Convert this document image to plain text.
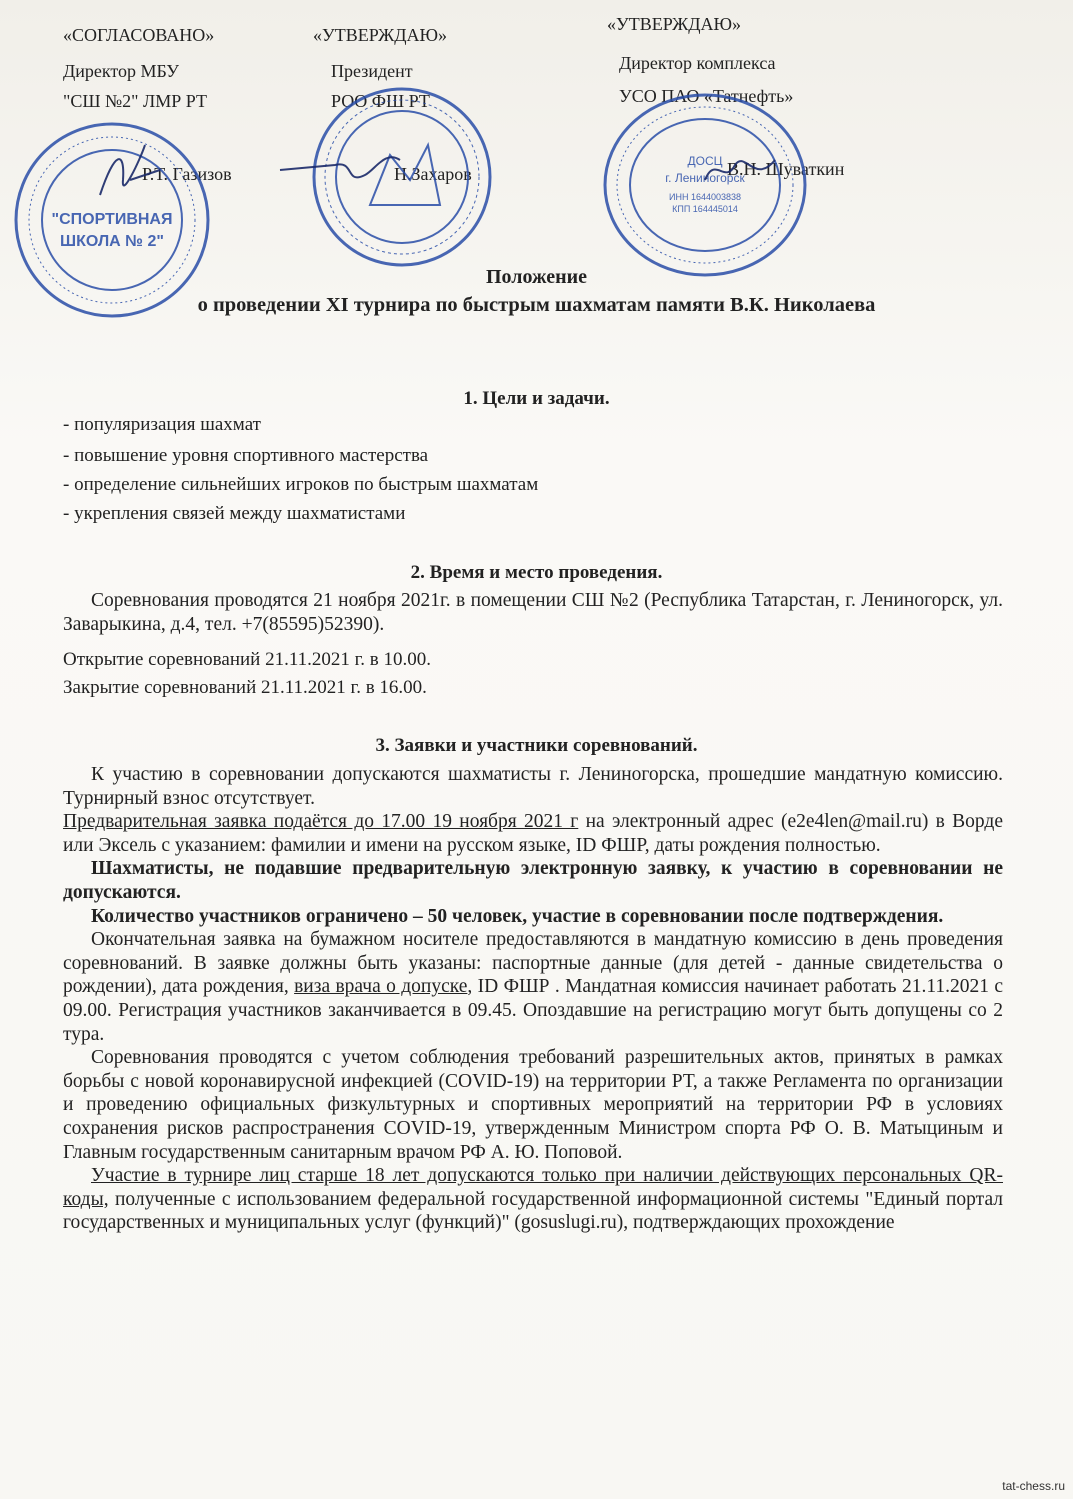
«СОГЛАСОВАНО»
Директор МБУ
"СШ №2" ЛМР РТ
Р.Т. Газизов
«УТВЕРЖДАЮ»
Президент
РОО ФШ РТ
Н.Захаров
«УТВЕРЖДАЮ»
Директор комплекса
УСО ПАО «Татнефть»
В.Н. Шуваткин
"СПОРТИВНАЯ
ШКОЛА № 2"
ДОСЦ
г. Лениногорск
ИНН 1644003838
КПП 164445014
Положение
о проведении XI турнира по быстрым шахматам памяти В.К. Николаева
1. Цели и задачи.
- популяризация шахмат
- повышение уровня спортивного мастерства
- определение сильнейших игроков по быстрым шахматам
- укрепления связей между шахматистами
2. Время и место проведения.
Соревнования проводятся 21 ноября 2021г. в помещении СШ №2 (Республика Татарстан, г. Лениногорск, ул. Заварыкина, д.4, тел. +7(85595)52390).
Открытие соревнований 21.11.2021 г. в 10.00.
Закрытие соревнований 21.11.2021 г. в 16.00.
3. Заявки и участники соревнований.

К участию в соревновании допускаются шахматисты г. Лениногорска, прошедшие мандатную комиссию. Турнирный взнос отсутствует.

Предварительная заявка подаётся до 17.00 19 ноября 2021 г на электронный адрес (e2e4len@mail.ru) в Ворде или Эксель с указанием: фамилии и имени на русском языке, ID ФШР, даты рождения полностью.

Шахматисты, не подавшие предварительную электронную заявку, к участию в соревновании не допускаются.

Количество участников ограничено – 50 человек, участие в соревновании после подтверждения.

Окончательная заявка на бумажном носителе предоставляются в мандатную комиссию в день проведения соревнований. В заявке должны быть указаны: паспортные данные (для детей - данные свидетельства о рождении), дата рождения, виза врача о допуске, ID ФШР . Мандатная комиссия начинает работать 21.11.2021 с 09.00. Регистрация участников заканчивается в 09.45. Опоздавшие на регистрацию могут быть допущены со 2 тура.

Соревнования проводятся с учетом соблюдения требований разрешительных актов, принятых в рамках борьбы с новой коронавирусной инфекцией (COVID-19) на территории РТ, а также Регламента по организации и проведению официальных физкультурных и спортивных мероприятий на территории РФ в условиях сохранения рисков распространения COVID-19, утвержденным Министром спорта РФ О. В. Матыциным и Главным государственным санитарным врачом РФ А. Ю. Поповой.

Участие в турнире лиц старше 18 лет допускаются только при наличии действующих персональных QR-коды, полученные с использованием федеральной государственной информационной системы "Единый портал государственных и муниципальных услуг (функций)" (gosuslugi.ru), подтверждающих прохождение

tat-chess.ru
